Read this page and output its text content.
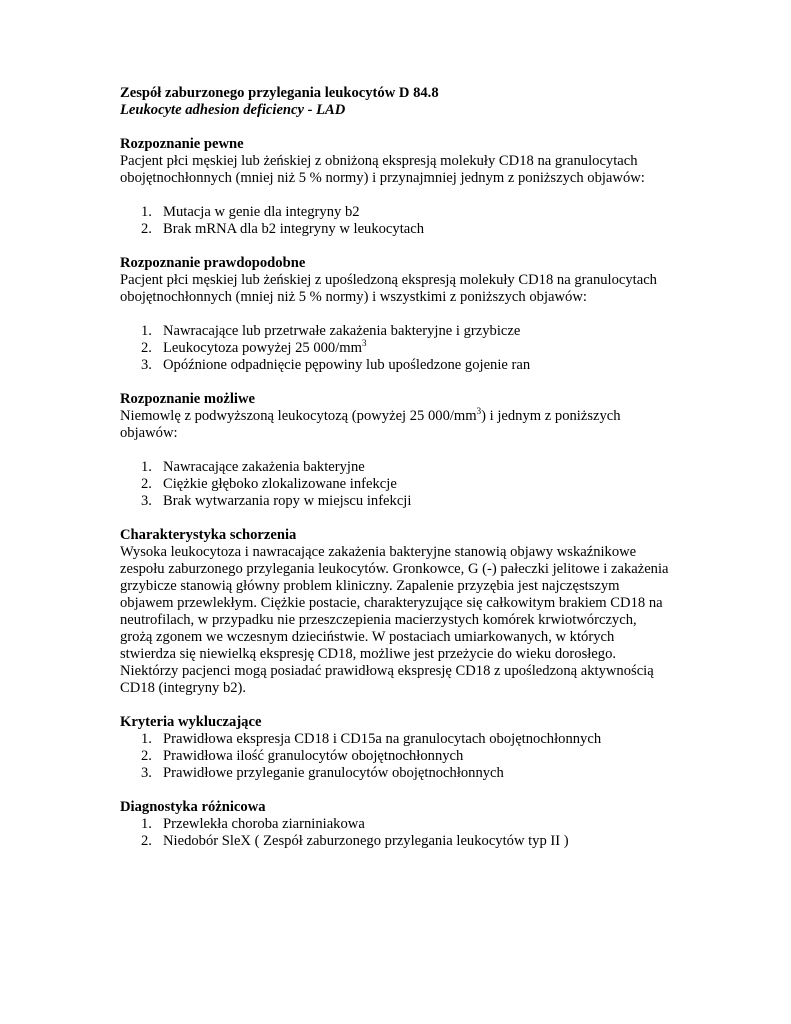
Zespół zaburzonego przylegania leukocytów D 84.8

Leukocyte adhesion deficiency - LAD

Rozpoznanie pewne

Pacjent płci męskiej lub żeńskiej z obniżoną ekspresją molekuły CD18 na granulocytach

obojętnochłonnych (mniej niż 5 % normy) i przynajmniej jednym z poniższych objawów:

1. Mutacja w genie dla integryny b2
2. Brak mRNA dla b2 integryny w leukocytach
Rozpoznanie prawdopodobne

Pacjent płci męskiej lub żeńskiej z upośledzoną ekspresją molekuły CD18 na granulocytach

obojętnochłonnych (mniej niż 5 % normy) i wszystkimi z poniższych objawów:

1. Nawracające lub przetrwałe zakażenia bakteryjne i grzybicze
2. Leukocytoza powyżej 25 $000/mm^3$
3. Opóźnione odpadnięcie pępowiny lub upośledzone gojenie ran
Rozpoznanie możliwe

Niemowlę z podwyższoną leukocytozą (powyżej 25 $000/mm^3$) i jednym z poniższych

objawów:

1. Nawracające zakażenia bakteryjne
2. Ciężkie głęboko zlokalizowane infekcje
3. Brak wytwarzania ropy w miejscu infekcji
Charakterystyka schorzenia

Wysoka leukocytoza i nawracające zakażenia bakteryjne stanowią objawy wskaźnikowe

zespołu zaburzonego przylegania leukocytów. Gronkowce, G (-) pałeczki jelitowe i zakażenia

grzybicze stanowią główny problem kliniczny. Zapalenie przyzębia jest najczęstszym

objawem przewlekłym. Ciężkie postacie, charakteryzujące się całkowitym brakiem CD18 na

neutrofilach, w przypadku nie przeszczepienia macierzystych komórek krwiotwórczych,

grożą zgonem we wczesnym dzieciństwie. W postaciach umiarkowanych, w których

stwierdza się niewielką ekspresję CD18, możliwe jest przeżycie do wieku dorosłego.

Niektórzy pacjenci mogą posiadać prawidłową ekspresję CD18 z upośledzoną aktywnością

CD18 (integryny b2).

Kryteria wykluczające
1. Prawidłowa ekspresja CD18 i CD15a na granulocytach obojętnochłonnych
2. Prawidłowa ilość granulocytów obojętnochłonnych
3. Prawidłowe przyleganie granulocytów obojętnochłonnych
Diagnostyka różnicowa
1. Przewlekła choroba ziarniniakowa
2. Niedobór SleX ( Zespół zaburzonego przylegania leukocytów typ II )
